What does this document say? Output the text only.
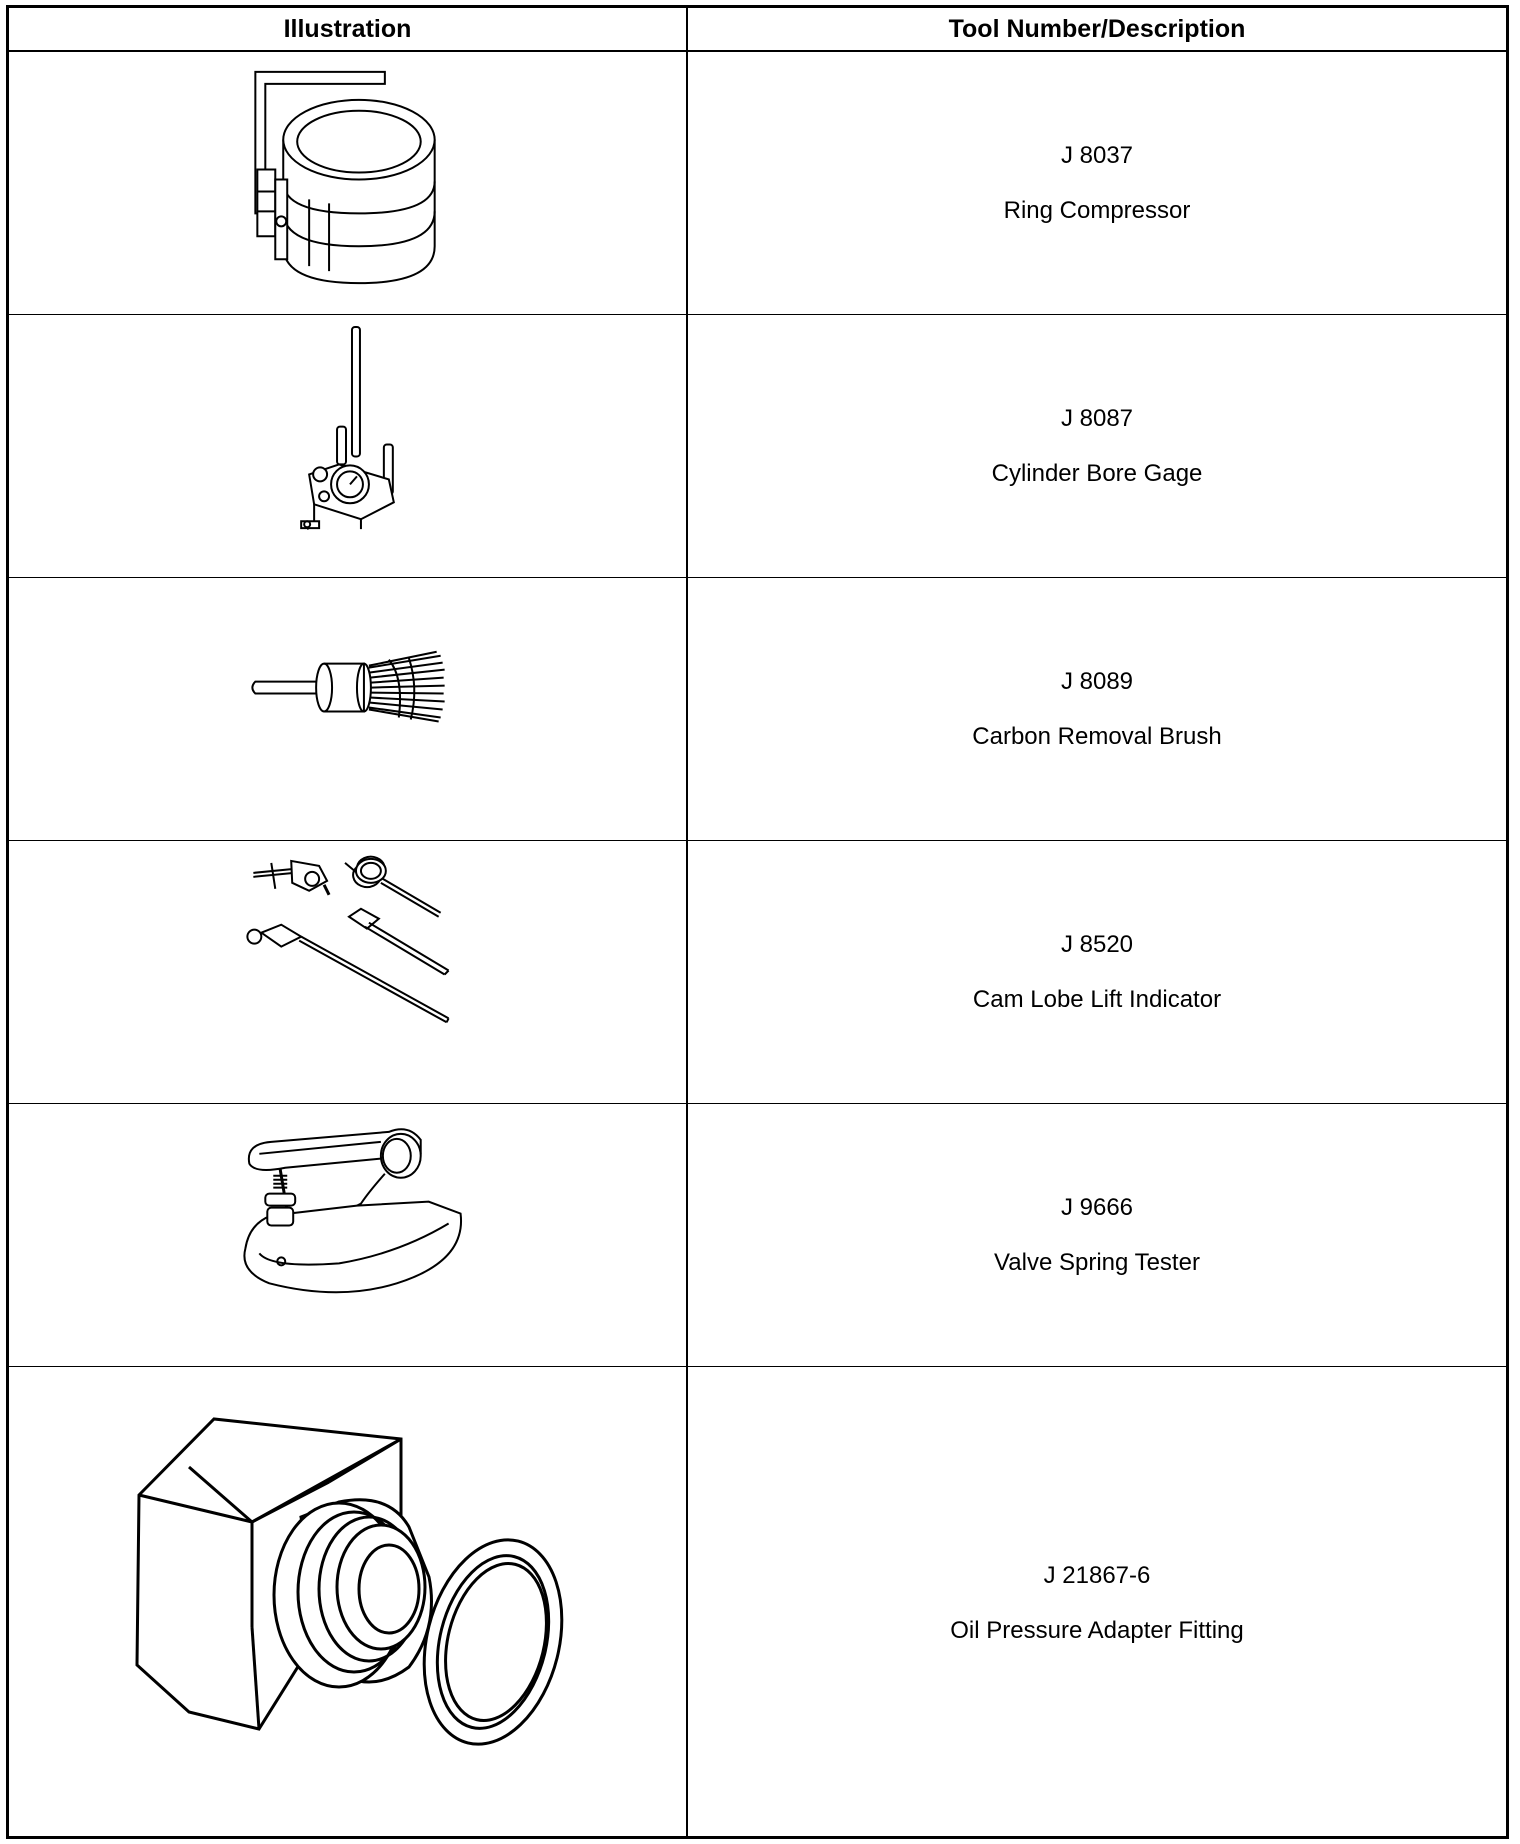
Illustration	Tool Number/Description
J 8037
Ring Compressor
J 8087
Cylinder Bore Gage
J 8089
Carbon Removal Brush
J 8520
Cam Lobe Lift Indicator
J 9666
Valve Spring Tester
J 21867-6
Oil Pressure Adapter Fitting
